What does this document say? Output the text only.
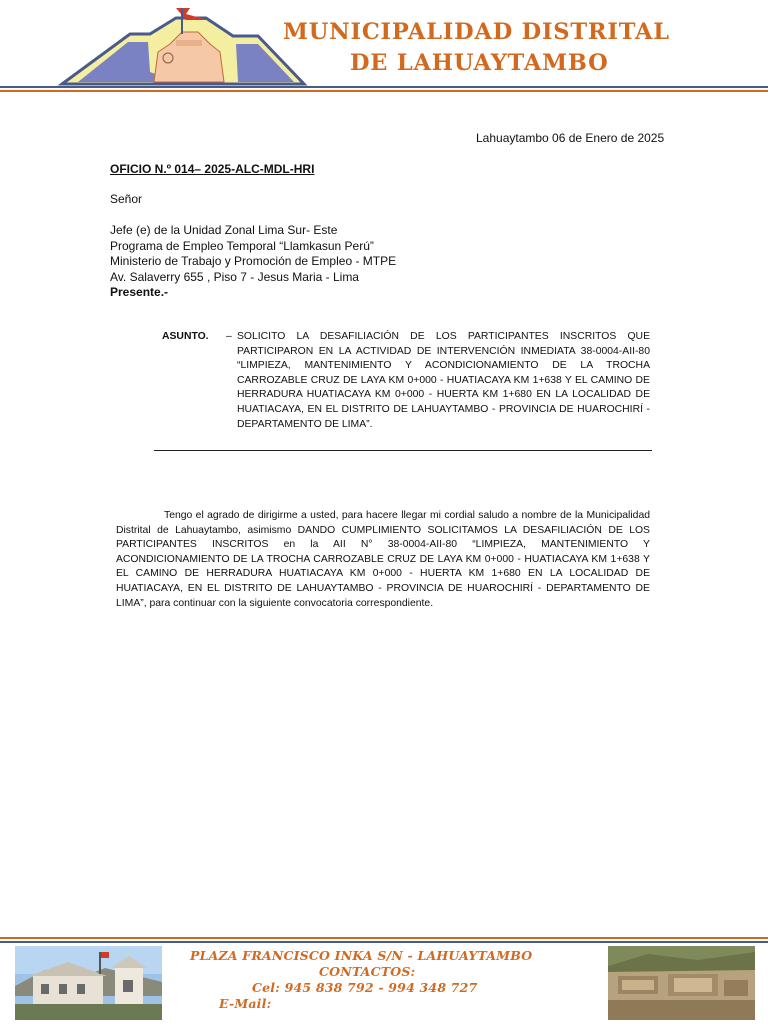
MUNICIPALIDAD DISTRITAL
DE LAHUAYTAMBO
Lahuaytambo 06 de Enero de 2025
OFICIO N.º 014– 2025-ALC-MDL-HRI
Señor
Jefe (e) de la Unidad Zonal Lima Sur- Este
Programa de Empleo Temporal “Llamkasun Perú”
Ministerio de Trabajo y Promoción de Empleo - MTPE
Av. Salaverry 655 , Piso 7 - Jesus Maria - Lima
Presente.-
ASUNTO. – SOLICITO LA DESAFILIACIÓN DE LOS PARTICIPANTES INSCRITOS QUE PARTICIPARON EN LA ACTIVIDAD DE INTERVENCIÓN INMEDIATA 38-0004-AII-80 “LIMPIEZA, MANTENIMIENTO Y ACONDICIONAMIENTO DE LA TROCHA CARROZABLE CRUZ DE LAYA KM 0+000 - HUATIACAYA KM 1+638 Y EL CAMINO DE HERRADURA HUATIACAYA KM 0+000 - HUERTA KM 1+680 EN LA LOCALIDAD DE HUATIACAYA, EN EL DISTRITO DE LAHUAYTAMBO - PROVINCIA DE HUAROCHIRÍ - DEPARTAMENTO DE LIMA”.
Tengo el agrado de dirigirme a usted, para hacere llegar mi cordial saludo a nombre de la Municipalidad Distrital de Lahuaytambo, asimismo DANDO CUMPLIMIENTO SOLICITAMOS LA DESAFILIACIÓN DE LOS PARTICIPANTES INSCRITOS en la AII N° 38-0004-AII-80 “LIMPIEZA, MANTENIMIENTO Y ACONDICIONAMIENTO DE LA TROCHA CARROZABLE CRUZ DE LAYA KM 0+000 - HUATIACAYA KM 1+638 Y EL CAMINO DE HERRADURA HUATIACAYA KM 0+000 - HUERTA KM 1+680 EN LA LOCALIDAD DE HUATIACAYA, EN EL DISTRITO DE LAHUAYTAMBO - PROVINCIA DE HUAROCHIRÍ - DEPARTAMENTO DE LIMA”, para continuar con la siguiente convocatoria correspondiente.
PLAZA FRANCISCO INKA S/N - LAHUAYTAMBO
CONTACTOS:
Cel: 945 838 792 - 994 348 727
E-Mail:
